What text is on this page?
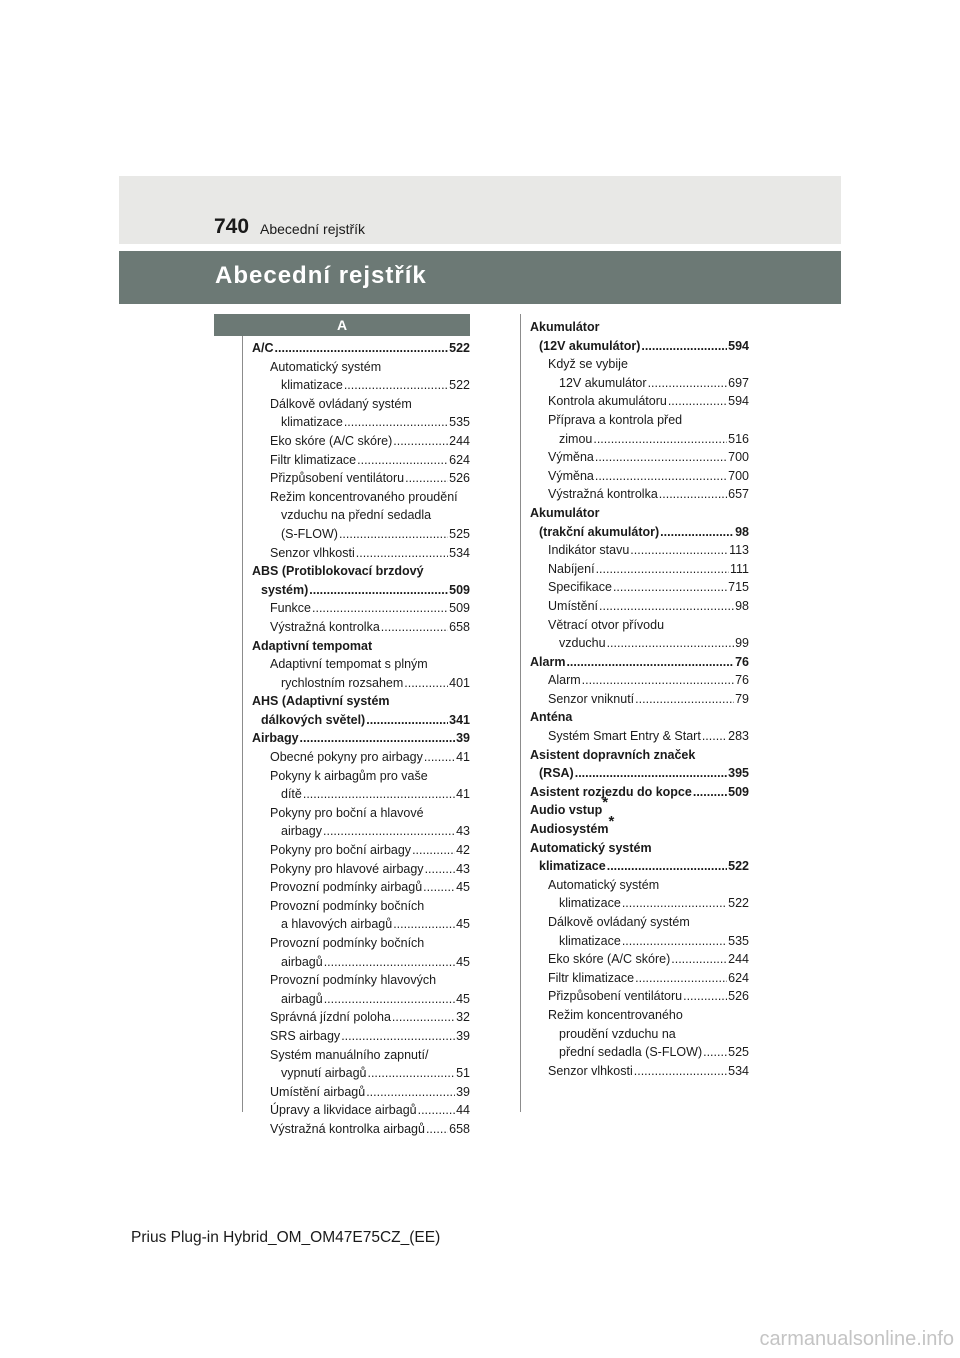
740 Abecední rejstřík
Abecední rejstřík
A
A/C .....	522
Automatický systém
klimatizace .....	522
Dálkově ovládaný systém
klimatizace .....	535
Eko skóre (A/C skóre) .....	244
Filtr klimatizace .....	624
Přizpůsobení ventilátoru .....	526
Režim koncentrovaného proudění
vzduchu na přední sedadla
(S-FLOW) .....	525
Senzor vlhkosti .....	534
ABS (Protiblokovací brzdový
systém) .....	509
Funkce .....	509
Výstražná kontrolka .....	658
Adaptivní tempomat
Adaptivní tempomat s plným
rychlostním rozsahem .....	401
AHS (Adaptivní systém
dálkových světel) .....	341
Airbagy .....	39
Obecné pokyny pro airbagy .....	41
Pokyny k airbagům pro vaše
dítě .....	41
Pokyny pro boční a hlavové
airbagy .....	43
Pokyny pro boční airbagy .....	42
Pokyny pro hlavové airbagy .....	43
Provozní podmínky airbagů .....	45
Provozní podmínky bočních
a hlavových airbagů .....	45
Provozní podmínky bočních
airbagů .....	45
Provozní podmínky hlavových
airbagů .....	45
Správná jízdní poloha .....	32
SRS airbagy .....	39
Systém manuálního zapnutí/
vypnutí airbagů .....	51
Umístění airbagů .....	39
Úpravy a likvidace airbagů .....	44
Výstražná kontrolka airbagů ..... 658
Akumulátor
(12V akumulátor) .....	594
Když se vybije
12V akumulátor .....	697
Kontrola akumulátoru .....	594
Příprava a kontrola před
zimou .....	516
Výměna .....	700
Výměna .....	700
Výstražná kontrolka .....	657
Akumulátor
(trakční akumulátor) .....	98
Indikátor stavu .....	113
Nabíjení .....	111
Specifikace .....	715
Umístění .....	98
Větrací otvor přívodu
vzduchu .....	99
Alarm .....	76
Alarm .....	76
Senzor vniknutí .....	79
Anténa
Systém Smart Entry & Start ..... 283
Asistent dopravních značek
(RSA) .....	395
Asistent rozjezdu do kopce .....	509
Audio vstup*
Audiosystém*
Automatický systém
klimatizace .....	522
Automatický systém
klimatizace .....	522
Dálkově ovládaný systém
klimatizace .....	535
Eko skóre (A/C skóre) .....	244
Filtr klimatizace .....	624
Přizpůsobení ventilátoru .....	526
Režim koncentrovaného
proudění vzduchu na
přední sedadla (S-FLOW) ..... 525
Senzor vlhkosti .....	534
Prius Plug-in Hybrid_OM_OM47E75CZ_(EE)
carmanualsonline.info
